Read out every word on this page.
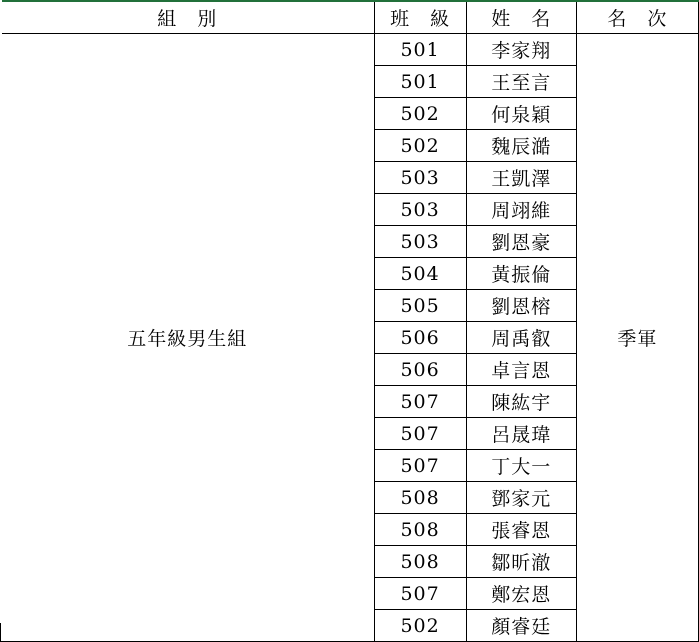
組　別	班　級	姓　名	名　次
五年級男生組	501	李家翔	季軍
	501	王至言	
	502	何泉穎	
	502	魏辰澔	
	503	王凱澤	
	503	周翊維	
	503	劉恩豪	
	504	黃振倫	
	505	劉恩榕	
	506	周禹叡	
	506	卓言恩	
	507	陳紘宇	
	507	呂晟瑋	
	507	丁大一	
	508	鄧家元	
	508	張睿恩	
	508	鄒昕澈	
	507	鄭宏恩	
	502	顏睿廷	
